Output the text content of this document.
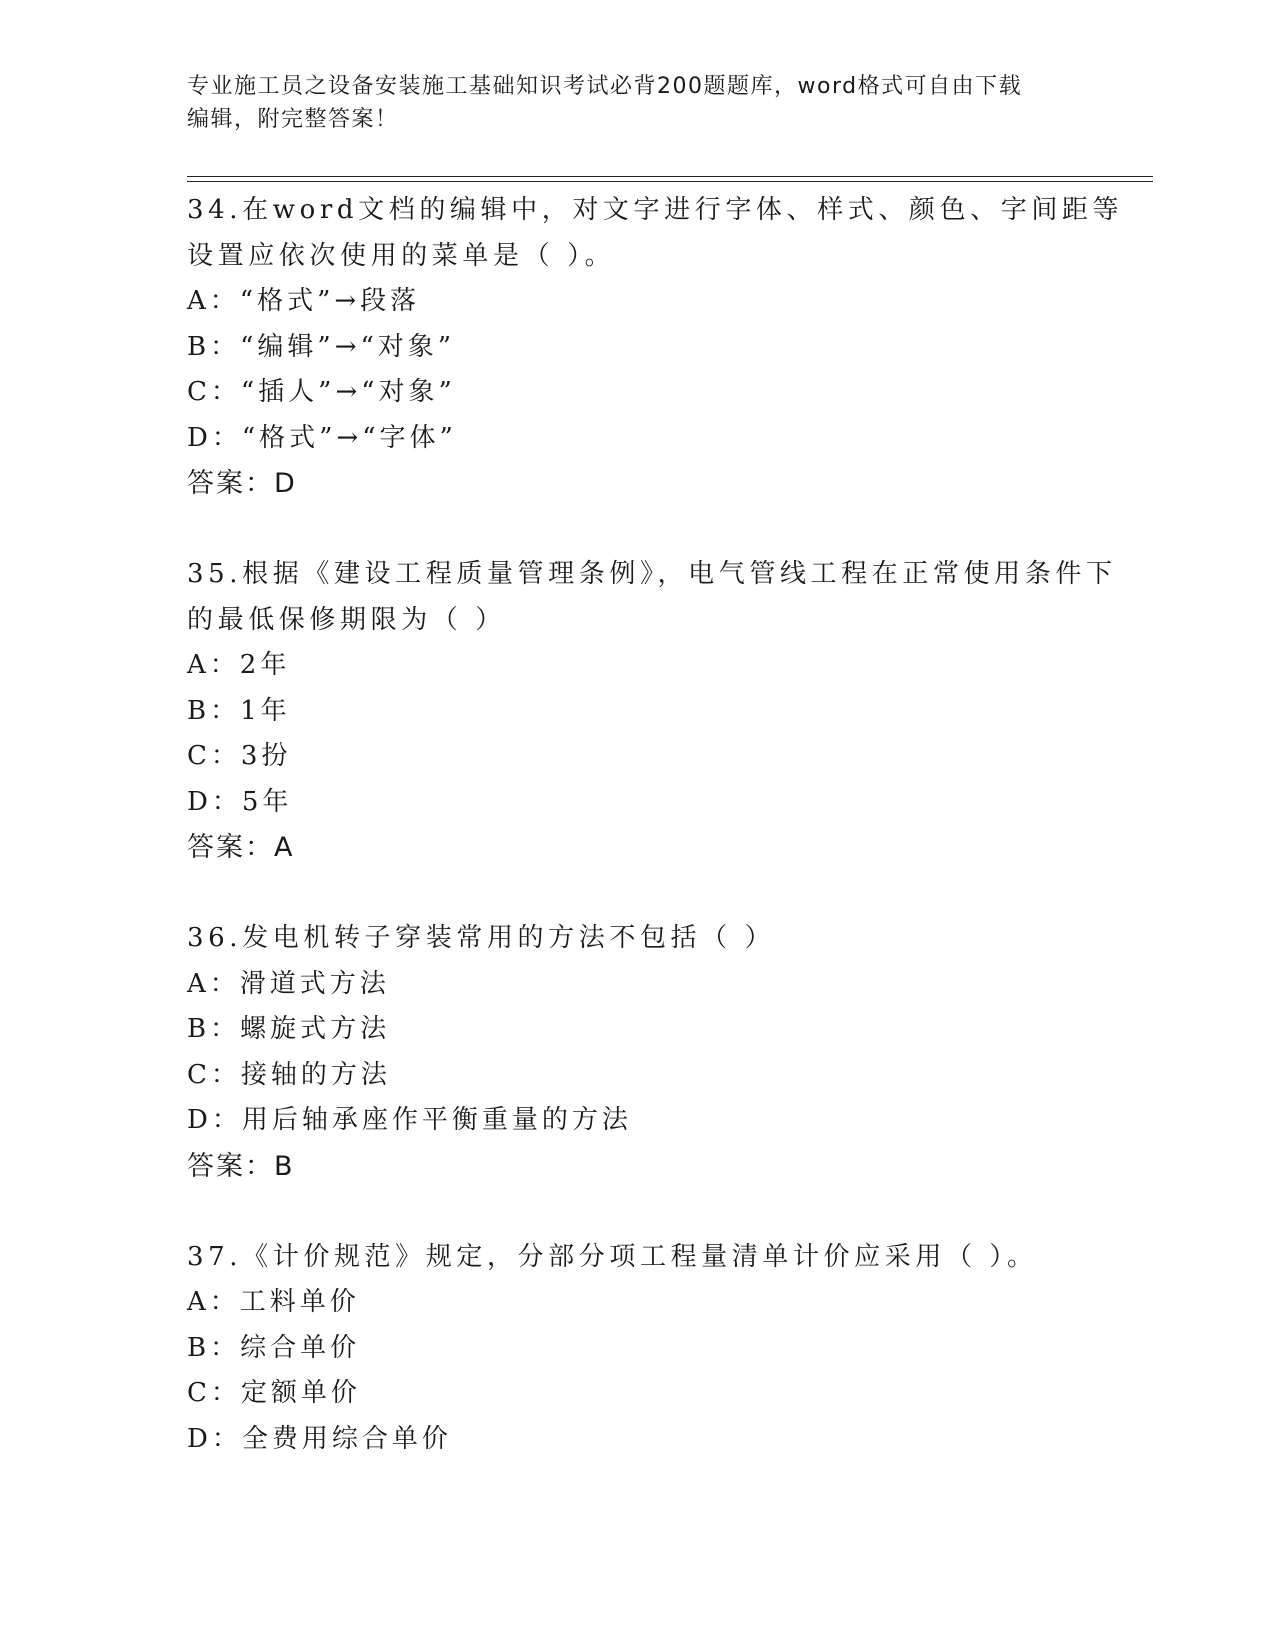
专业施工员之设备安装施工基础知识考试必背200题题库，word格式可自由下载
编辑，附完整答案！
34.在word文档的编辑中，对文字进行字体、样式、颜色、字间距等
设置应依次使用的菜单是（ ）。
A：“格式”→段落
B：“编辑”→“对象”
C：“插人”→“对象”
D：“格式”→“字体”
答案：D
35.根据《建设工程质量管理条例》，电气管线工程在正常使用条件下
的最低保修期限为（ ）
A：2年
B：1年
C：3扮
D：5年
答案：A
36.发电机转子穿装常用的方法不包括（ ）
A：滑道式方法
B：螺旋式方法
C：接轴的方法
D：用后轴承座作平衡重量的方法
答案：B
37.《计价规范》规定，分部分项工程量清单计价应采用（ ）。
A：工料单价
B：综合单价
C：定额单价
D：全费用综合单价
